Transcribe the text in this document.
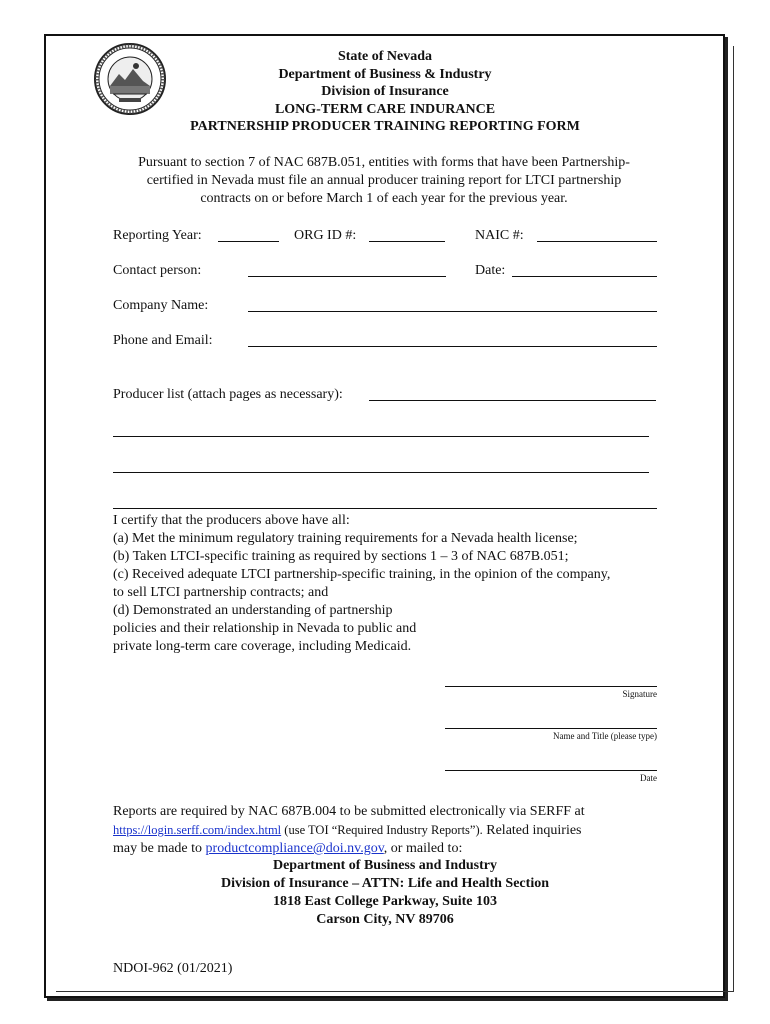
State of Nevada
Department of Business & Industry
Division of Insurance
LONG-TERM CARE INDURANCE
PARTNERSHIP PRODUCER TRAINING REPORTING FORM
Pursuant to section 7 of NAC 687B.051, entities with forms that have been Partnership-
certified in Nevada must file an annual producer training report for LTCI partnership
contracts on or before March 1 of each year for the previous year.
Reporting Year:	ORG ID #:	NAIC #:
Contact person:	Date:
Company Name:
Phone and Email:
Producer list (attach pages as necessary):
I certify that the producers above have all:
(a) Met the minimum regulatory training requirements for a Nevada health license;
(b) Taken LTCI-specific training as required by sections 1 – 3 of NAC 687B.051;
(c) Received adequate LTCI partnership-specific training, in the opinion of the company,
to sell LTCI partnership contracts; and
(d) Demonstrated an understanding of partnership
policies and their relationship in Nevada to public and
private long-term care coverage, including Medicaid.
Signature
Name and Title (please type)
Date
Reports are required by NAC 687B.004 to be submitted electronically via SERFF at
https://login.serff.com/index.html (use TOI “Required Industry Reports”). Related inquiries
may be made to productcompliance@doi.nv.gov, or mailed to:
Department of Business and Industry
Division of Insurance – ATTN: Life and Health Section
1818 East College Parkway, Suite 103
Carson City, NV 89706
NDOI-962 (01/2021)
